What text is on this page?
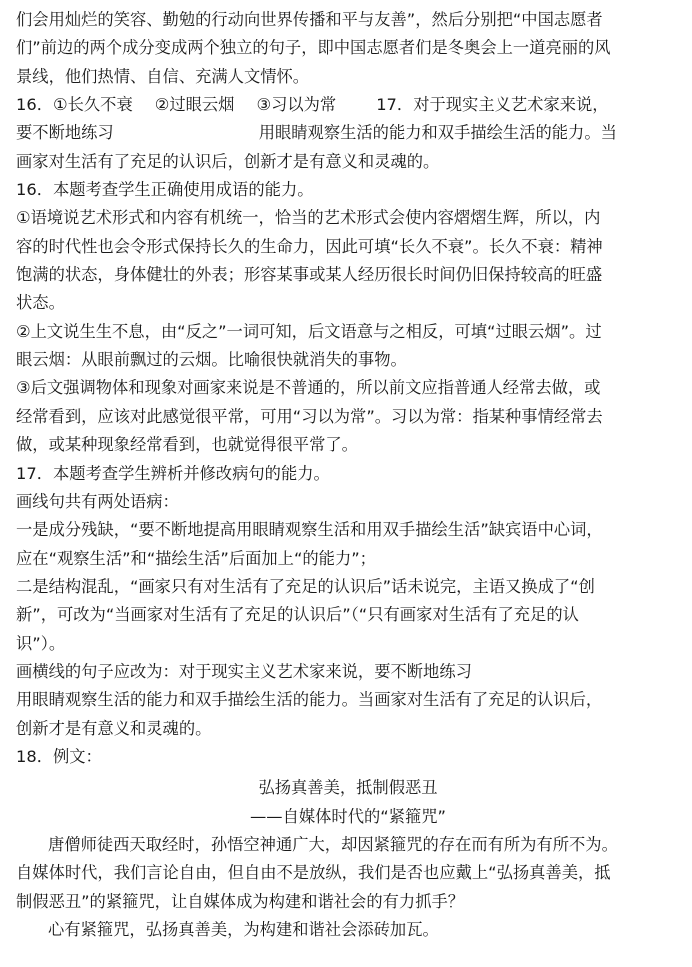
们会用灿烂的笑容、勤勉的行动向世界传播和平与友善”，然后分别把“中国志愿者
们”前边的两个成分变成两个独立的句子，即中国志愿者们是冬奥会上一道亮丽的风
景线，他们热情、自信、充满人文情怀。
16．①长久不衰 ②过眼云烟 ③习以为常 17．对于现实主义艺术家来说，
要不断地练习	用眼睛观察生活的能力和双手描绘生活的能力。当
画家对生活有了充足的认识后，创新才是有意义和灵魂的。
16．本题考查学生正确使用成语的能力。
①语境说艺术形式和内容有机统一，恰当的艺术形式会使内容熠熠生辉，所以，内
容的时代性也会令形式保持长久的生命力，因此可填“长久不衰”。长久不衰：精神
饱满的状态，身体健壮的外表；形容某事或某人经历很长时间仍旧保持较高的旺盛
状态。
②上文说生生不息，由“反之”一词可知，后文语意与之相反，可填“过眼云烟”。过
眼云烟：从眼前飘过的云烟。比喻很快就消失的事物。
③后文强调物体和现象对画家来说是不普通的，所以前文应指普通人经常去做，或
经常看到，应该对此感觉很平常，可用“习以为常”。习以为常：指某种事情经常去
做，或某种现象经常看到，也就觉得很平常了。
17．本题考查学生辨析并修改病句的能力。
画线句共有两处语病：
一是成分残缺，“要不断地提高用眼睛观察生活和用双手描绘生活”缺宾语中心词，
应在“观察生活”和“描绘生活”后面加上“的能力”；
二是结构混乱，“画家只有对生活有了充足的认识后”话未说完，主语又换成了“创
新”，可改为“当画家对生活有了充足的认识后”（“只有画家对生活有了充足的认
识”）。
画横线的句子应改为：对于现实主义艺术家来说，要不断地练习
用眼睛观察生活的能力和双手描绘生活的能力。当画家对生活有了充足的认识后，
创新才是有意义和灵魂的。
18．例文：
弘扬真善美，抵制假恶丑
——自媒体时代的“紧箍咒”
唐僧师徒西天取经时，孙悟空神通广大，却因紧箍咒的存在而有所为有所不为。
自媒体时代，我们言论自由，但自由不是放纵，我们是否也应戴上“弘扬真善美，抵
制假恶丑”的紧箍咒，让自媒体成为构建和谐社会的有力抓手？
心有紧箍咒，弘扬真善美，为构建和谐社会添砖加瓦。
